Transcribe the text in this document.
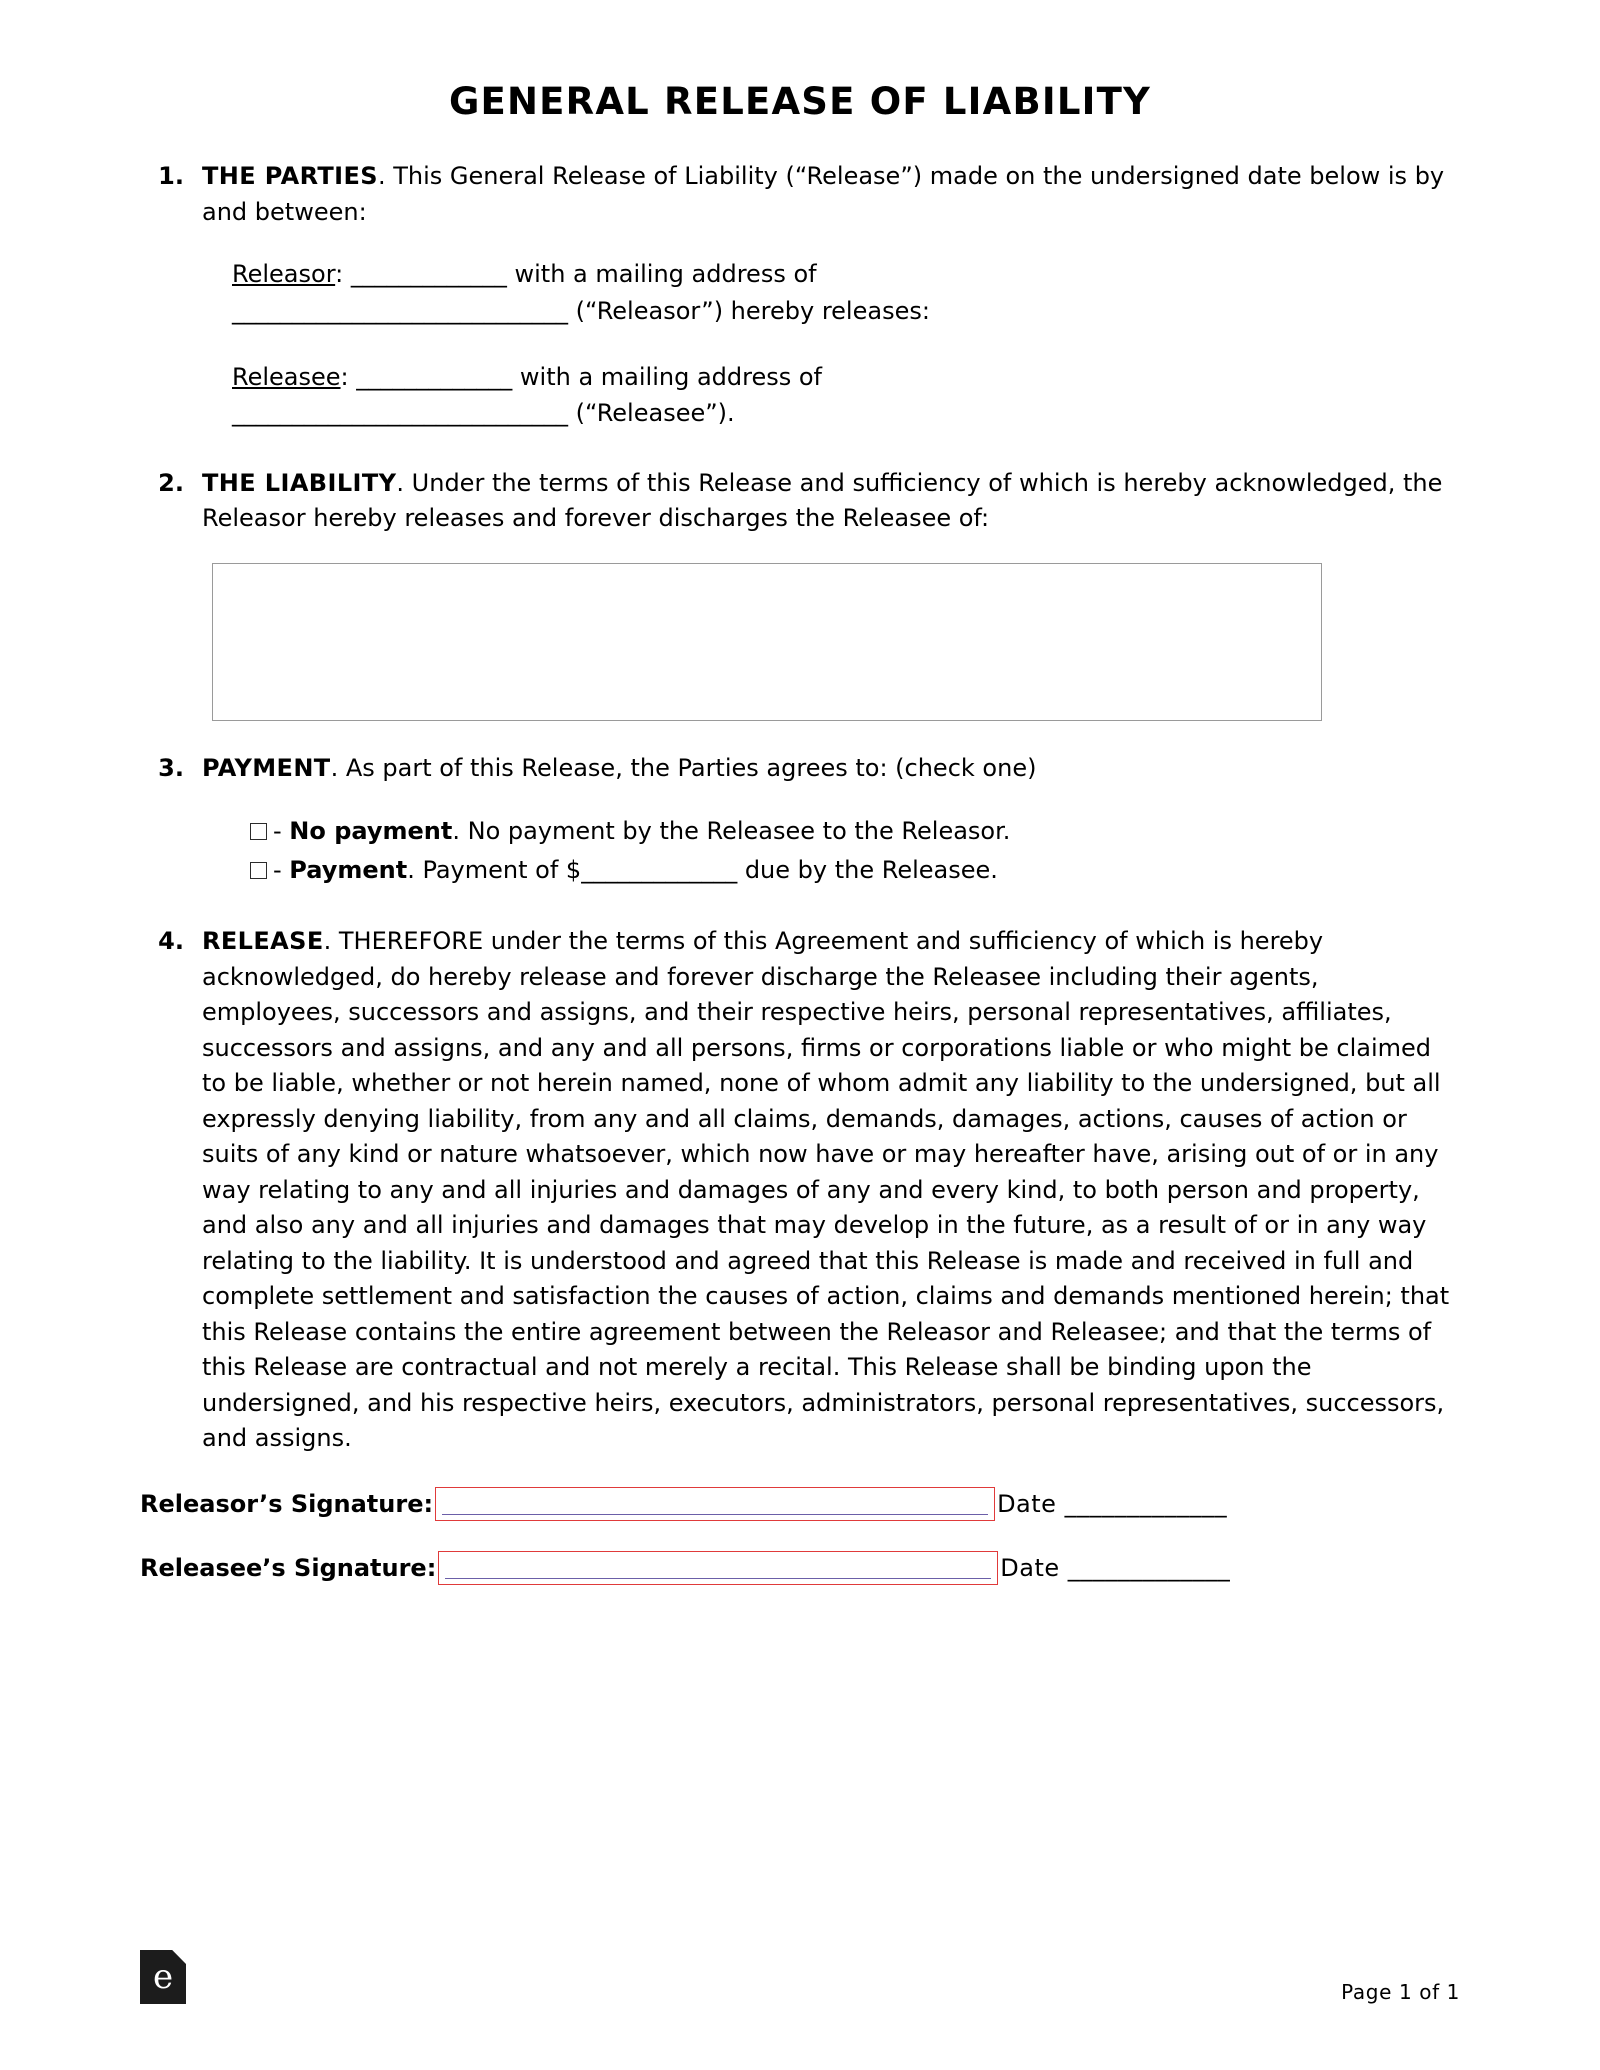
GENERAL RELEASE OF LIABILITY
1. THE PARTIES. This General Release of Liability (“Release”) made on the undersigned date below is by and between:
Releasor: _____________ with a mailing address of
____________________________ (“Releasor”) hereby releases:
Releasee: _____________ with a mailing address of
____________________________ (“Releasee”).
2. THE LIABILITY. Under the terms of this Release and sufficiency of which is hereby acknowledged, the Releasor hereby releases and forever discharges the Releasee of:
3. PAYMENT. As part of this Release, the Parties agrees to: (check one)
- No payment. No payment by the Releasee to the Releasor.
- Payment. Payment of $_____________ due by the Releasee.
4. RELEASE. THEREFORE under the terms of this Agreement and sufficiency of which is hereby acknowledged, do hereby release and forever discharge the Releasee including their agents, employees, successors and assigns, and their respective heirs, personal representatives, affiliates, successors and assigns, and any and all persons, firms or corporations liable or who might be claimed to be liable, whether or not herein named, none of whom admit any liability to the undersigned, but all expressly denying liability, from any and all claims, demands, damages, actions, causes of action or suits of any kind or nature whatsoever, which now have or may hereafter have, arising out of or in any way relating to any and all injuries and damages of any and every kind, to both person and property, and also any and all injuries and damages that may develop in the future, as a result of or in any way relating to the liability. It is understood and agreed that this Release is made and received in full and complete settlement and satisfaction the causes of action, claims and demands mentioned herein; that this Release contains the entire agreement between the Releasor and Releasee; and that the terms of this Release are contractual and not merely a recital. This Release shall be binding upon the undersigned, and his respective heirs, executors, administrators, personal representatives, successors, and assigns.
Releasor’s Signature:	Date _____________
Releasee’s Signature:	Date _____________
e	Page 1 of 1
